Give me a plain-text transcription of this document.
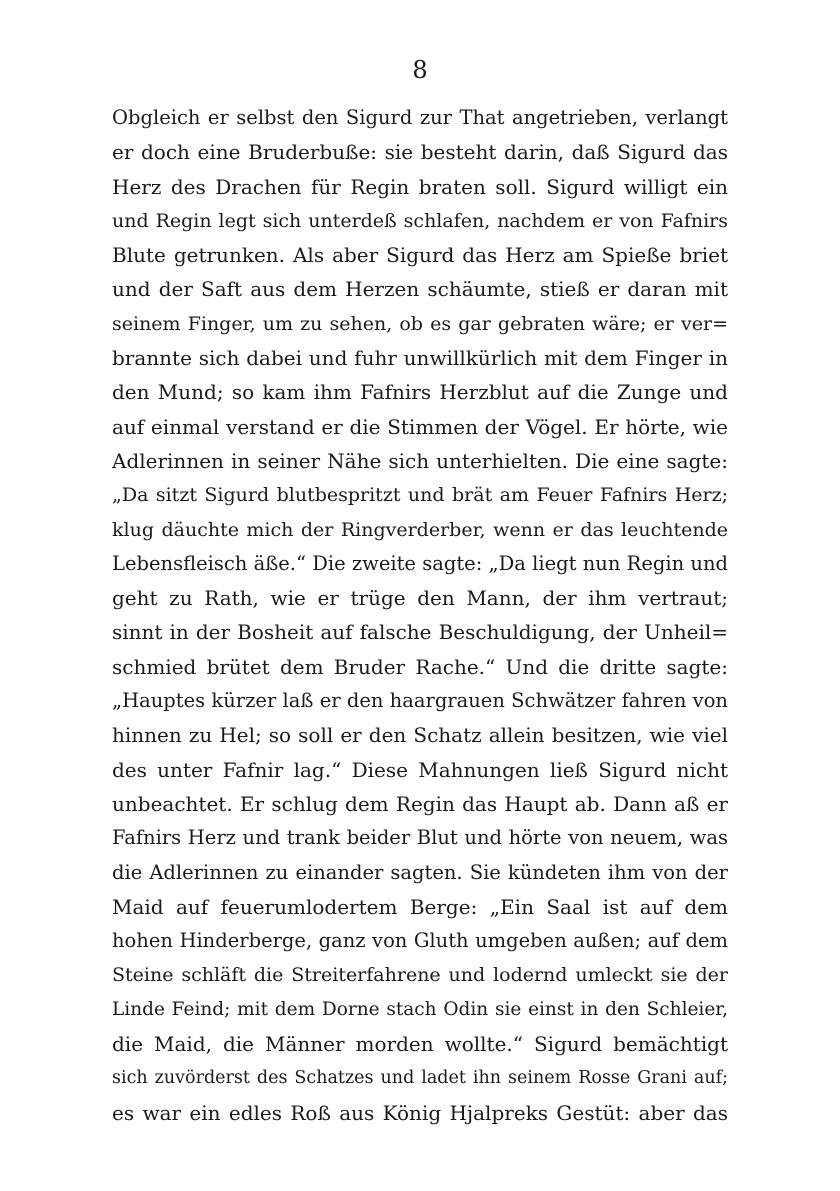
8
Obgleich er selbst den Sigurd zur That angetrieben, verlangt
er doch eine Bruderbuße: sie besteht darin, daß Sigurd das
Herz des Drachen für Regin braten soll. Sigurd willigt ein
und Regin legt sich unterdeß schlafen, nachdem er von Fafnirs
Blute getrunken. Als aber Sigurd das Herz am Spieße briet
und der Saft aus dem Herzen schäumte, stieß er daran mit
seinem Finger, um zu sehen, ob es gar gebraten wäre; er ver=
brannte sich dabei und fuhr unwillkürlich mit dem Finger in
den Mund; so kam ihm Fafnirs Herzblut auf die Zunge und
auf einmal verstand er die Stimmen der Vögel. Er hörte, wie
Adlerinnen in seiner Nähe sich unterhielten. Die eine sagte:
„Da sitzt Sigurd blutbespritzt und brät am Feuer Fafnirs Herz;
klug däuchte mich der Ringverderber, wenn er das leuchtende
Lebensfleisch äße.“ Die zweite sagte: „Da liegt nun Regin und
geht zu Rath, wie er trüge den Mann, der ihm vertraut;
sinnt in der Bosheit auf falsche Beschuldigung, der Unheil=
schmied brütet dem Bruder Rache.“ Und die dritte sagte:
„Hauptes kürzer laß er den haargrauen Schwätzer fahren von
hinnen zu Hel; so soll er den Schatz allein besitzen, wie viel
des unter Fafnir lag.“ Diese Mahnungen ließ Sigurd nicht
unbeachtet. Er schlug dem Regin das Haupt ab. Dann aß er
Fafnirs Herz und trank beider Blut und hörte von neuem, was
die Adlerinnen zu einander sagten. Sie kündeten ihm von der
Maid auf feuerumlodertem Berge: „Ein Saal ist auf dem
hohen Hinderberge, ganz von Gluth umgeben außen; auf dem
Steine schläft die Streiterfahrene und lodernd umleckt sie der
Linde Feind; mit dem Dorne stach Odin sie einst in den Schleier,
die Maid, die Männer morden wollte.“ Sigurd bemächtigt
sich zuvörderst des Schatzes und ladet ihn seinem Rosse Grani auf;
es war ein edles Roß aus König Hjalpreks Gestüt: aber das
